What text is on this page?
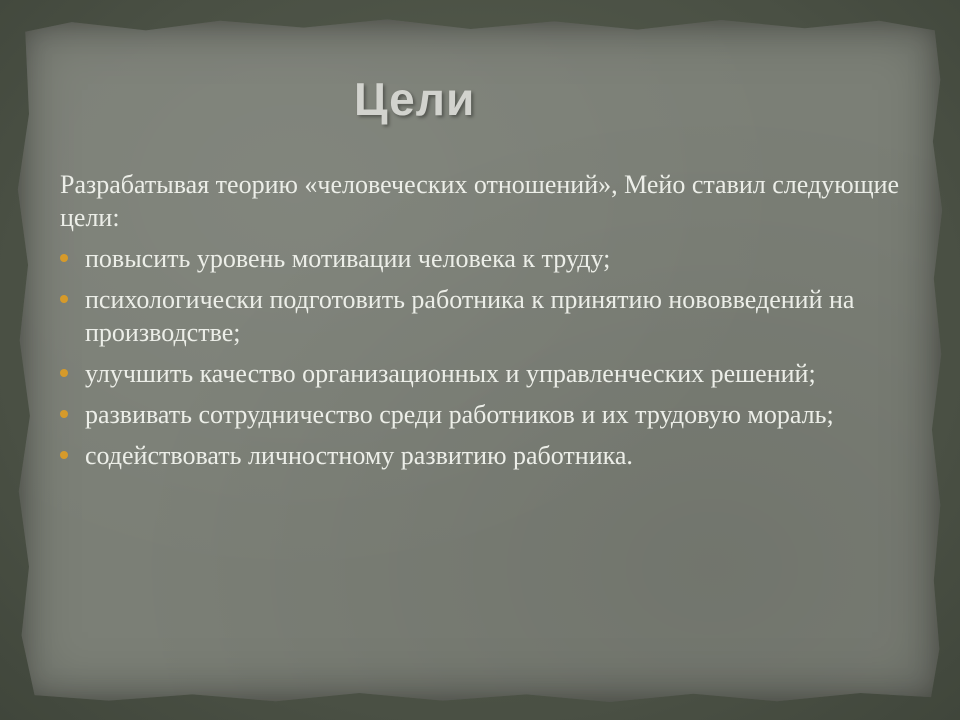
Цели

Разрабатывая теорию «человеческих отношений», Мейо ставил следующие цели:

повысить уровень мотивации человека к труду;
психологически подготовить работника к принятию нововведений на производстве;
улучшить качество организационных и управленческих решений;
развивать сотрудничество среди работников и их трудовую мораль;
содействовать личностному развитию работника.
